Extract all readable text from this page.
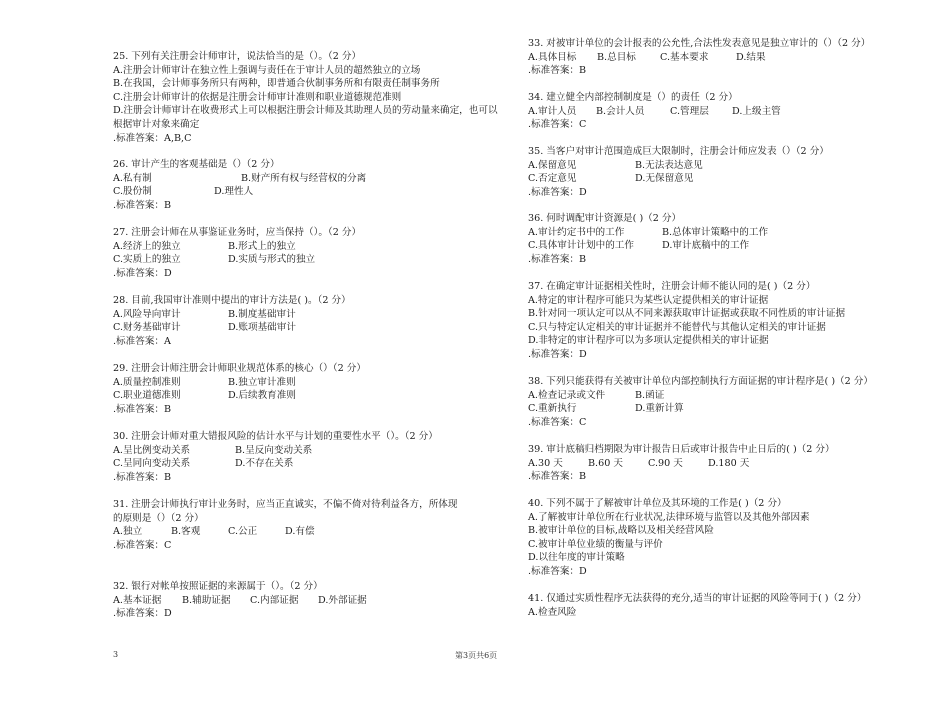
25. 下列有关注册会计师审计，说法恰当的是（）。（2 分）
A.注册会计师审计在独立性上强调与责任在于审计人员的超然独立的立场
B.在我国，会计师事务所只有两种，即普通合伙制事务所和有限责任制事务所
C.注册会计师审计的依据是注册会计师审计准则和职业道德规范准则
D.注册会计师审计在收费形式上可以根据注册会计师及其助理人员的劳动量来确定，也可以
根据审计对象来确定
.标准答案：A,B,C
26. 审计产生的客观基础是（）（2 分）
A.私有制	B.财产所有权与经营权的分离
C.股份制	D.理性人
.标准答案：B
27. 注册会计师在从事鉴证业务时，应当保持（）。（2 分）
A.经济上的独立	B.形式上的独立
C.实质上的独立	D.实质与形式的独立
.标准答案：D
28. 目前,我国审计准则中提出的审计方法是( )。（2 分）
A.风险导向审计	B.制度基础审计
C.财务基础审计	D.账项基础审计
.标准答案：A
29. 注册会计师注册会计师职业规范体系的核心（）（2 分）
A.质量控制准则	B.独立审计准则
C.职业道德准则	D.后续教育准则
.标准答案：B
30. 注册会计师对重大错报风险的估计水平与计划的重要性水平（）。（2 分）
A.呈比例变动关系	B.呈反向变动关系
C.呈同向变动关系	D.不存在关系
.标准答案：B
31. 注册会计师执行审计业务时，应当正直诚实，不偏不倚对待利益各方，所体现
的原则是（）（2 分）
A.独立	B.客观	C.公正	D.有偿
.标准答案：C
32. 银行对帐单按照证据的来源属于（）。（2 分）
A.基本证据	B.辅助证据	C.内部证据	D.外部证据
.标准答案：D
33. 对被审计单位的会计报表的公允性,合法性发表意见是独立审计的（）（2 分）
A.具体目标	B.总目标	C.基本要求	D.结果
.标准答案：B
34. 建立健全内部控制制度是（）的责任（2 分）
A.审计人员	B.会计人员	C.管理层	D.上级主管
.标准答案：C
35. 当客户对审计范围造成巨大限制时，注册会计师应发表（）（2 分）
A.保留意见	B.无法表达意见
C.否定意见	D.无保留意见
.标准答案：D
36. 何时调配审计资源是( )（2 分）
A.审计约定书中的工作	B.总体审计策略中的工作
C.具体审计计划中的工作	D.审计底稿中的工作
.标准答案：B
37. 在确定审计证据相关性时，注册会计师不能认同的是( )（2 分）
A.特定的审计程序可能只为某些认定提供相关的审计证据
B.针对同一项认定可以从不同来源获取审计证据或获取不同性质的审计证据
C.只与特定认定相关的审计证据并不能替代与其他认定相关的审计证据
D.非特定的审计程序可以为多项认定提供相关的审计证据
.标准答案：D
38. 下列只能获得有关被审计单位内部控制执行方面证据的审计程序是( )（2 分）
A.检查记录或文件	B.函证
C.重新执行	D.重新计算
.标准答案：C
39. 审计底稿归档期限为审计报告日后或审计报告中止日后的( )（2 分）
A.30 天	B.60 天	C.90 天	D.180 天
.标准答案：B
40. 下列不属于了解被审计单位及其环境的工作是( )（2 分）
A.了解被审计单位所在行业状况,法律环境与监管以及其他外部因素
B.被审计单位的目标,战略以及相关经营风险
C.被审计单位业绩的衡量与评价
D.以往年度的审计策略
.标准答案：D
41. 仅通过实质性程序无法获得的充分,适当的审计证据的风险等同于( )（2 分）
A.检查风险
3	第3页共6页
